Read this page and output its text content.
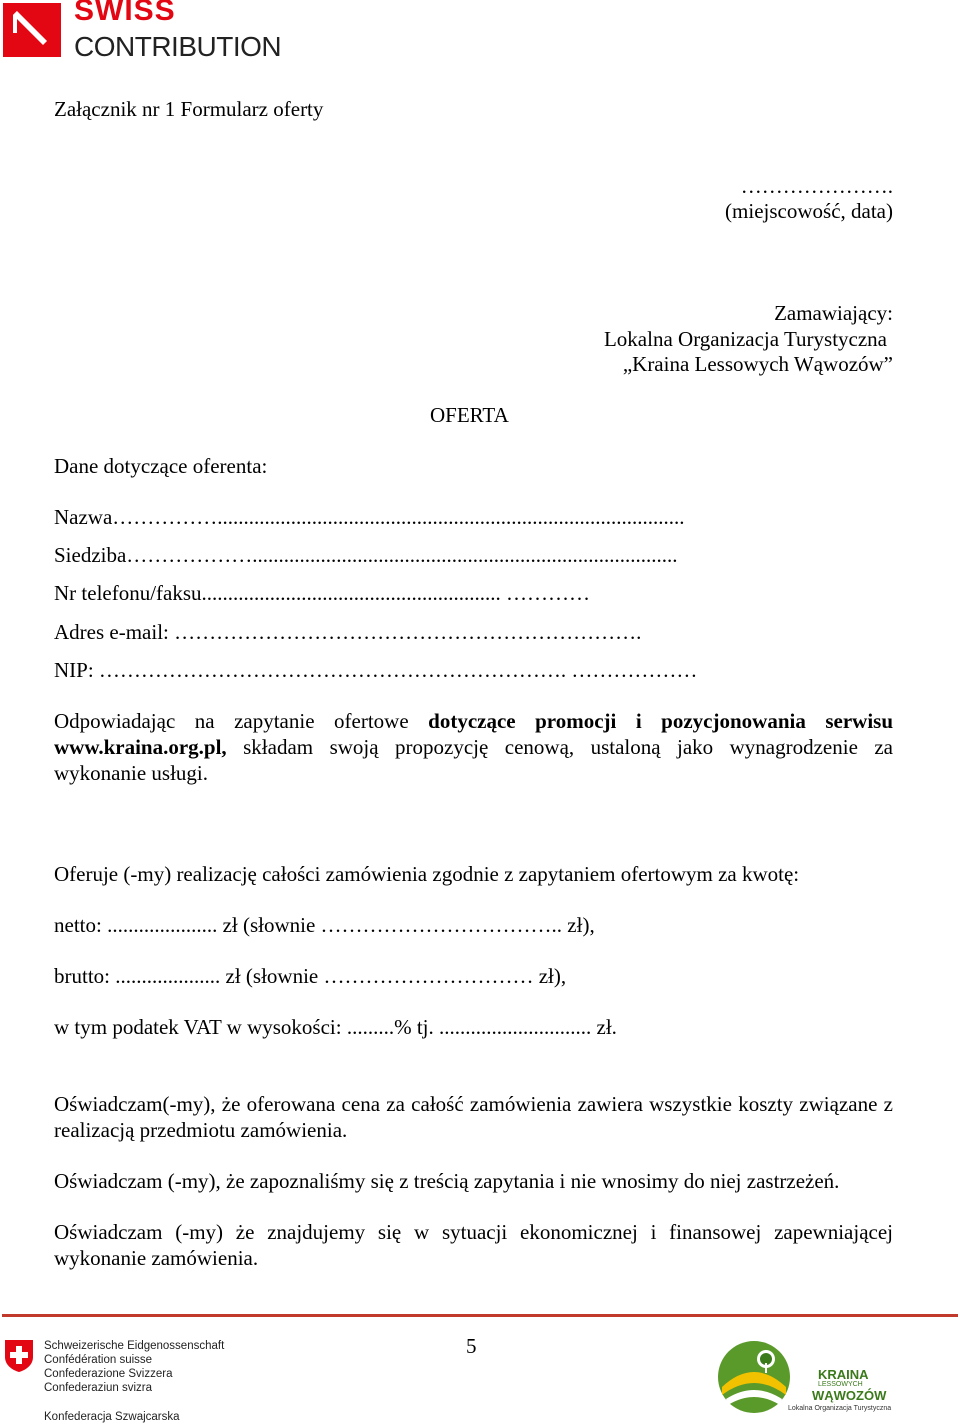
SWISS
CONTRIBUTION
Załącznik nr 1 Formularz oferty
………………….
(miejscowość, data)
Zamawiający:
Lokalna Organizacja Turystyczna
„Kraina Lessowych Wąwozów”
OFERTA
Dane dotyczące oferenta:
Nazwa…………….........................................................................................
Siedziba……………….................................................................................
Nr telefonu/faksu......................................................... …………
Adres e-mail: ………………………………………………………….
NIP: …………………………………………………………. ………………
Odpowiadając na zapytanie ofertowe dotyczące promocji i pozycjonowania serwisu www.kraina.org.pl, składam swoją propozycję cenową, ustaloną jako wynagrodzenie za wykonanie usługi.
Oferuje (-my) realizację całości zamówienia zgodnie z zapytaniem ofertowym za kwotę:
netto: ..................... zł (słownie …………………………….. zł),
brutto: .................... zł (słownie ………………………… zł),
w tym podatek VAT w wysokości: .........% tj. ............................. zł.
Oświadczam(-my), że oferowana cena za całość zamówienia zawiera wszystkie koszty związane z realizacją przedmiotu zamówienia.
Oświadczam (-my), że zapoznaliśmy się z treścią zapytania i nie wnosimy do niej zastrzeżeń.
Oświadczam (-my) że znajdujemy się w sytuacji ekonomicznej i finansowej zapewniającej wykonanie zamówienia.
Schweizerische Eidgenossenschaft
Confédération suisse
Confederazione Svizzera
Confederaziun svizra
Konfederacja Szwajcarska
5
KRAINA
LESSOWYCH
WĄWOZÓW
Lokalna Organizacja Turystyczna
